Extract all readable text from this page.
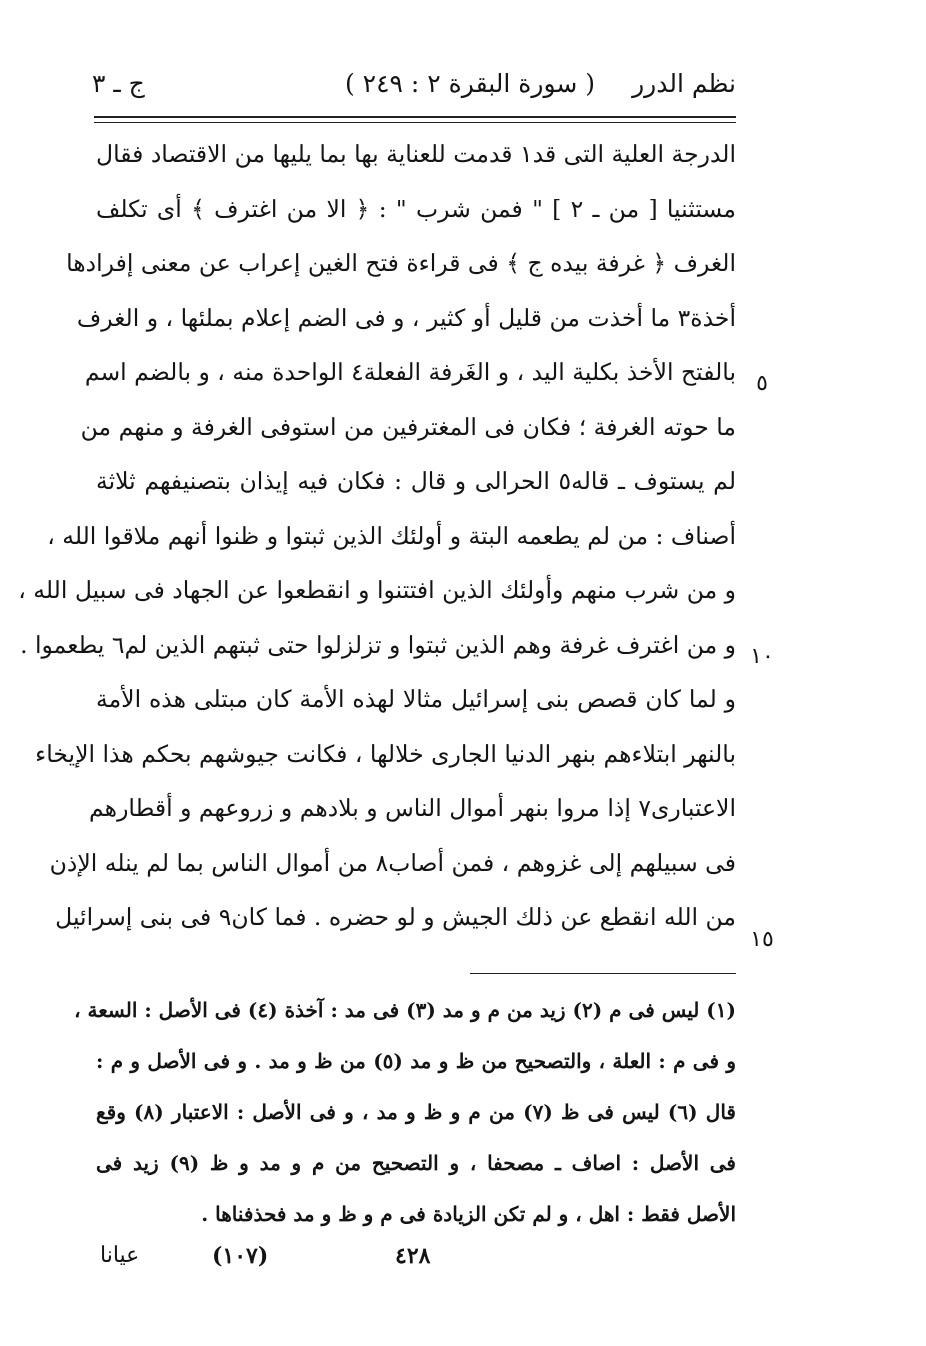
نظم الدرر
( سورة البقرة ٢ : ٢٤٩ )
ج ـ ٣
الدرجة العلية التى قد١ قدمت للعناية بها بما يليها من الاقتصاد فقال
مستثنيا [ من ـ ٢ ] " فمن شرب " : ﴿ الا من اغترف ﴾ أى تكلف
الغرف ﴿ غرفة بيده ج ﴾ فى قراءة فتح الغين إعراب عن معنى إفرادها
أخذة٣ ما أخذت من قليل أو كثير ، و فى الضم إعلام بملئها ، و الغرف
بالفتح الأخذ بكلية اليد ، و الغَرفة الفعلة٤ الواحدة منه ، و بالضم اسم
ما حوته الغرفة ؛ فكان فى المغترفين من استوفى الغرفة و منهم من
لم يستوف ـ قاله٥ الحرالى و قال : فكان فيه إيذان بتصنيفهم ثلاثة
أصناف : من لم يطعمه البتة و أولئك الذين ثبتوا و ظنوا أنهم ملاقوا الله ،
و من شرب منهم وأولئك الذين افتتنوا و انقطعوا عن الجهاد فى سبيل الله ،
و من اغترف غرفة وهم الذين ثبتوا و تزلزلوا حتى ثبتهم الذين لم٦ يطعموا .
و لما كان قصص بنى إسرائيل مثالا لهذه الأمة كان مبتلى هذه الأمة
بالنهر ابتلاءهم بنهر الدنيا الجارى خلالها ، فكانت جيوشهم بحكم هذا الإيخاء
الاعتبارى٧ إذا مروا بنهر أموال الناس و بلادهم و زروعهم و أقطارهم
فى سبيلهم إلى غزوهم ، فمن أصاب٨ من أموال الناس بما لم ينله الإذن
من الله انقطع عن ذلك الجيش و لو حضره . فما كان٩ فى بنى إسرائيل
٥
١٠
١٥
(١) ليس فى م (٢) زيد من م و مد (٣) فى مد : آخذة (٤) فى الأصل : السعة ،
و فى م : العلة ، والتصحيح من ظ و مد (٥) من ظ و مد . و فى الأصل و م :
قال (٦) ليس فى ظ (٧) من م و ظ و مد ، و فى الأصل : الاعتبار (٨) وقع
فى الأصل : اصاف ـ مصحفا ، و التصحيح من م و مد و ظ (٩) زيد فى
الأصل فقط : اهل ، و لم تكن الزيادة فى م و ظ و مد فحذفناها .
٤٢٨
(١٠٧)
عيانا
